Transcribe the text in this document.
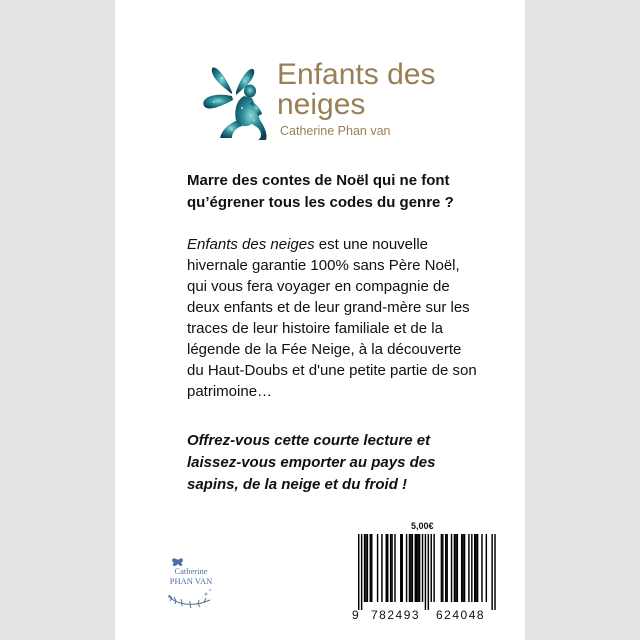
Enfants des neiges
Catherine Phan van
Marre des contes de Noël qui ne font qu’égrener tous les codes du genre ?
Enfants des neiges est une nouvelle hivernale garantie 100% sans Père Noël, qui vous fera voyager en compagnie de deux enfants et de leur grand-mère sur les traces de leur histoire familiale et de la légende de la Fée Neige, à la découverte du Haut-Doubs et d'une petite partie de son patrimoine…
Offrez-vous cette courte lecture et laissez-vous emporter au pays des sapins, de la neige et du froid !
5,00€
9 782493 624048
Catherine
PHAN VAN
